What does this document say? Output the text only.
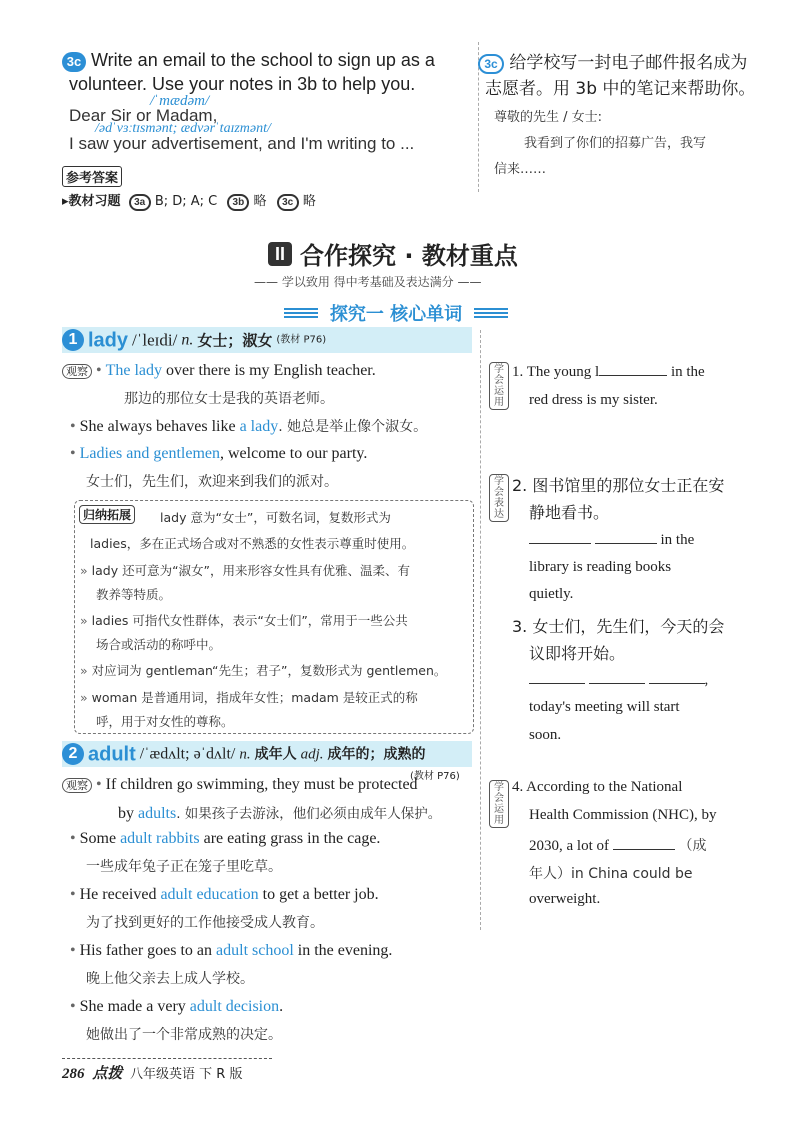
3c Write an email to the school to sign up as a
volunteer. Use your notes in 3b to help you.
/ˈmædəm/
Dear Sir or Madam,
/ədˈvɜːtɪsmənt; ædvərˈtaɪzmənt/
I saw your advertisement, and I'm writing to ...
3c 给学校写一封电子邮件报名成为
志愿者。用 3b 中的笔记来帮助你。
尊敬的先生 / 女士:
我看到了你们的招募广告，我写
信来……
参考答案
▸教材习题 3a B; D; A; C 3b 略 3c 略
II 合作探究 · 教材重点
—— 学以致用 得中考基础及表达满分 ——
探究一 核心单词
1 lady /ˈleɪdi/ n. 女士；淑女 (教材 P76)
观察 • The lady over there is my English teacher.
那边的那位女士是我的英语老师。
• She always behaves like a lady. 她总是举止像个淑女。
• Ladies and gentlemen, welcome to our party.
女士们，先生们，欢迎来到我们的派对。
归纳拓展	lady 意为“女士”，可数名词，复数形式为
ladies，多在正式场合或对不熟悉的女性表示尊重时使用。
» lady 还可意为“淑女”，用来形容女性具有优雅、温柔、有
教养等特质。
» ladies 可指代女性群体，表示“女士们”，常用于一些公共
场合或活动的称呼中。
» 对应词为 gentleman“先生；君子”，复数形式为 gentlemen。
» woman 是普通用词，指成年女性；madam 是较正式的称
呼，用于对女性的尊称。
2 adult /ˈædʌlt; əˈdʌlt/ n. 成年人 adj. 成年的；成熟的
(教材 P76)
观察 • If children go swimming, they must be protected
by adults. 如果孩子去游泳，他们必须由成年人保护。
• Some adult rabbits are eating grass in the cage.
一些成年兔子正在笼子里吃草。
• He received adult education to get a better job.
为了找到更好的工作他接受成人教育。
• His father goes to an adult school in the evening.
晚上他父亲去上成人学校。
• She made a very adult decision.
她做出了一个非常成熟的决定。
学会运用
1. The young l	in the
red dress is my sister.
学会表达
2. 图书馆里的那位女士正在安
静地看书。
in the
library is reading books
quietly.
3. 女士们，先生们，今天的会
议即将开始。
,
today's meeting will start
soon.
学会运用
4. According to the National
Health Commission (NHC), by
2030, a lot of	（成
年人）in China could be
overweight.
286 点拨 八年级英语 下 R 版
